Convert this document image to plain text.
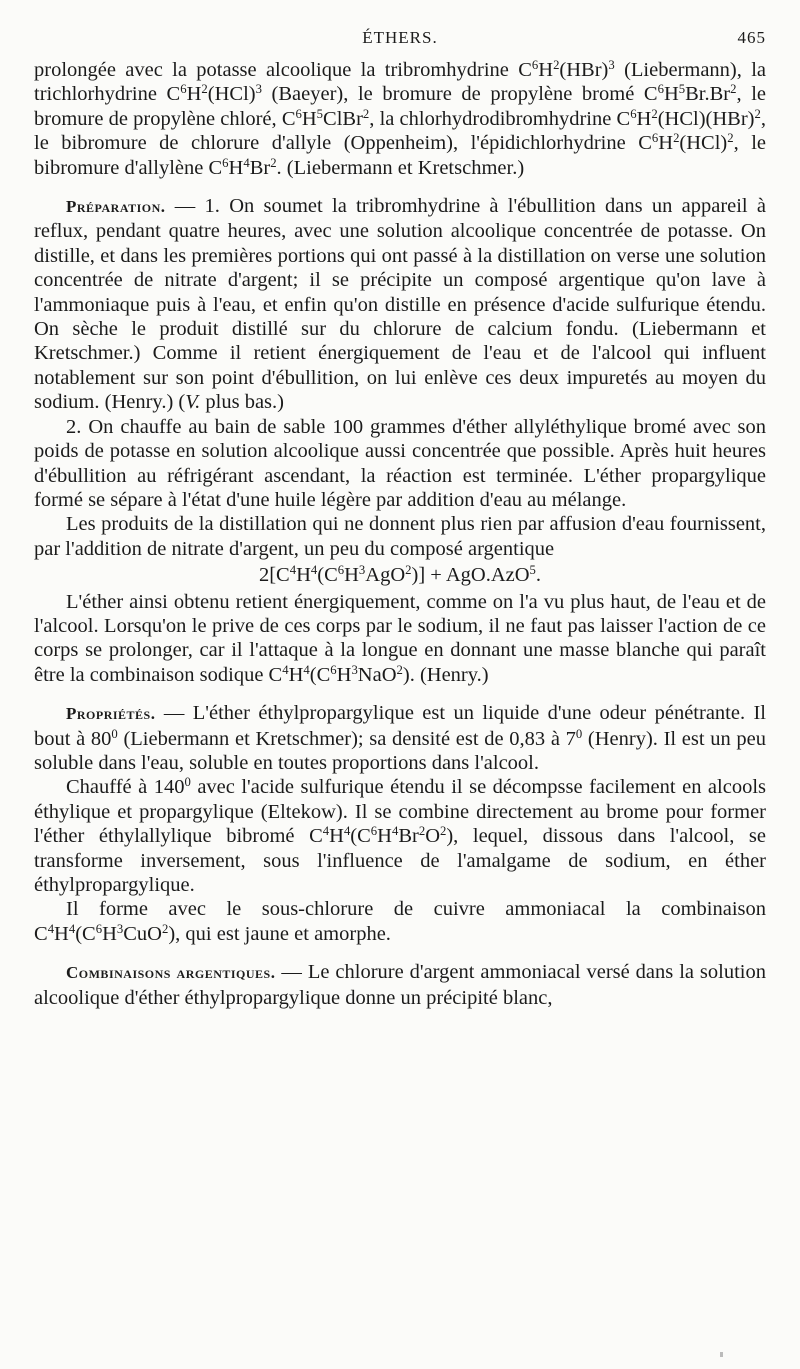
ÉTHERS.	465

prolongée avec la potasse alcoolique la tribromhydrine $C^6H^2(HBr)^3$ (Liebermann), la trichlorhydrine $C^6H^2(HCl)^3$ (Baeyer), le bromure de propylène bromé $C^6H^5Br.Br^2$, le bromure de propylène chloré, $C^6H^5ClBr^2$, la chlorhydrodibromhydrine $C^6H^2(HCl)(HBr)^2$, le bibromure de chlorure d'allyle (Oppenheim), l'épidichlorhydrine $C^6H^2(HCl)^2$, le bibromure d'allylène $C^6H^4Br^2$. (Liebermann et Kretschmer.)

Préparation. — 1. On soumet la tribromhydrine à l'ébullition dans un appareil à reflux, pendant quatre heures, avec une solution alcoolique concentrée de potasse. On distille, et dans les premières portions qui ont passé à la distillation on verse une solution concentrée de nitrate d'argent; il se précipite un composé argentique qu'on lave à l'ammoniaque puis à l'eau, et enfin qu'on distille en présence d'acide sulfurique étendu. On sèche le produit distillé sur du chlorure de calcium fondu. (Liebermann et Kretschmer.) Comme il retient énergiquement de l'eau et de l'alcool qui influent notablement sur son point d'ébullition, on lui enlève ces deux impuretés au moyen du sodium. (Henry.) (V. plus bas.)

2. On chauffe au bain de sable 100 grammes d'éther allyléthylique bromé avec son poids de potasse en solution alcoolique aussi concentrée que possible. Après huit heures d'ébullition au réfrigérant ascendant, la réaction est terminée. L'éther propargylique formé se sépare à l'état d'une huile légère par addition d'eau au mélange.

Les produits de la distillation qui ne donnent plus rien par affusion d'eau fournissent, par l'addition de nitrate d'argent, un peu du composé argentique

$2[C^4H^4(C^6H^3AgO^2)] + AgO.AzO^5$.

L'éther ainsi obtenu retient énergiquement, comme on l'a vu plus haut, de l'eau et de l'alcool. Lorsqu'on le prive de ces corps par le sodium, il ne faut pas laisser l'action de ce corps se prolonger, car il l'attaque à la longue en donnant une masse blanche qui paraît être la combinaison sodique $C^4H^4(C^6H^3NaO^2)$. (Henry.)

Propriétés. — L'éther éthylpropargylique est un liquide d'une odeur pénétrante. Il bout à $80^0$ (Liebermann et Kretschmer); sa densité est de 0,83 à $7^0$ (Henry). Il est un peu soluble dans l'eau, soluble en toutes proportions dans l'alcool.

Chauffé à $140^0$ avec l'acide sulfurique étendu il se décompsse facilement en alcools éthylique et propargylique (Eltekow). Il se combine directement au brome pour former l'éther éthylallylique bibromé $C^4H^4(C^6H^4Br^2O^2)$, lequel, dissous dans l'alcool, se transforme inversement, sous l'influence de l'amalgame de sodium, en éther éthylpropargylique.

Il forme avec le sous-chlorure de cuivre ammoniacal la combinaison $C^4H^4(C^6H^3CuO^2)$, qui est jaune et amorphe.

Combinaisons argentiques. — Le chlorure d'argent ammoniacal versé dans la solution alcoolique d'éther éthylpropargylique donne un précipité blanc,
